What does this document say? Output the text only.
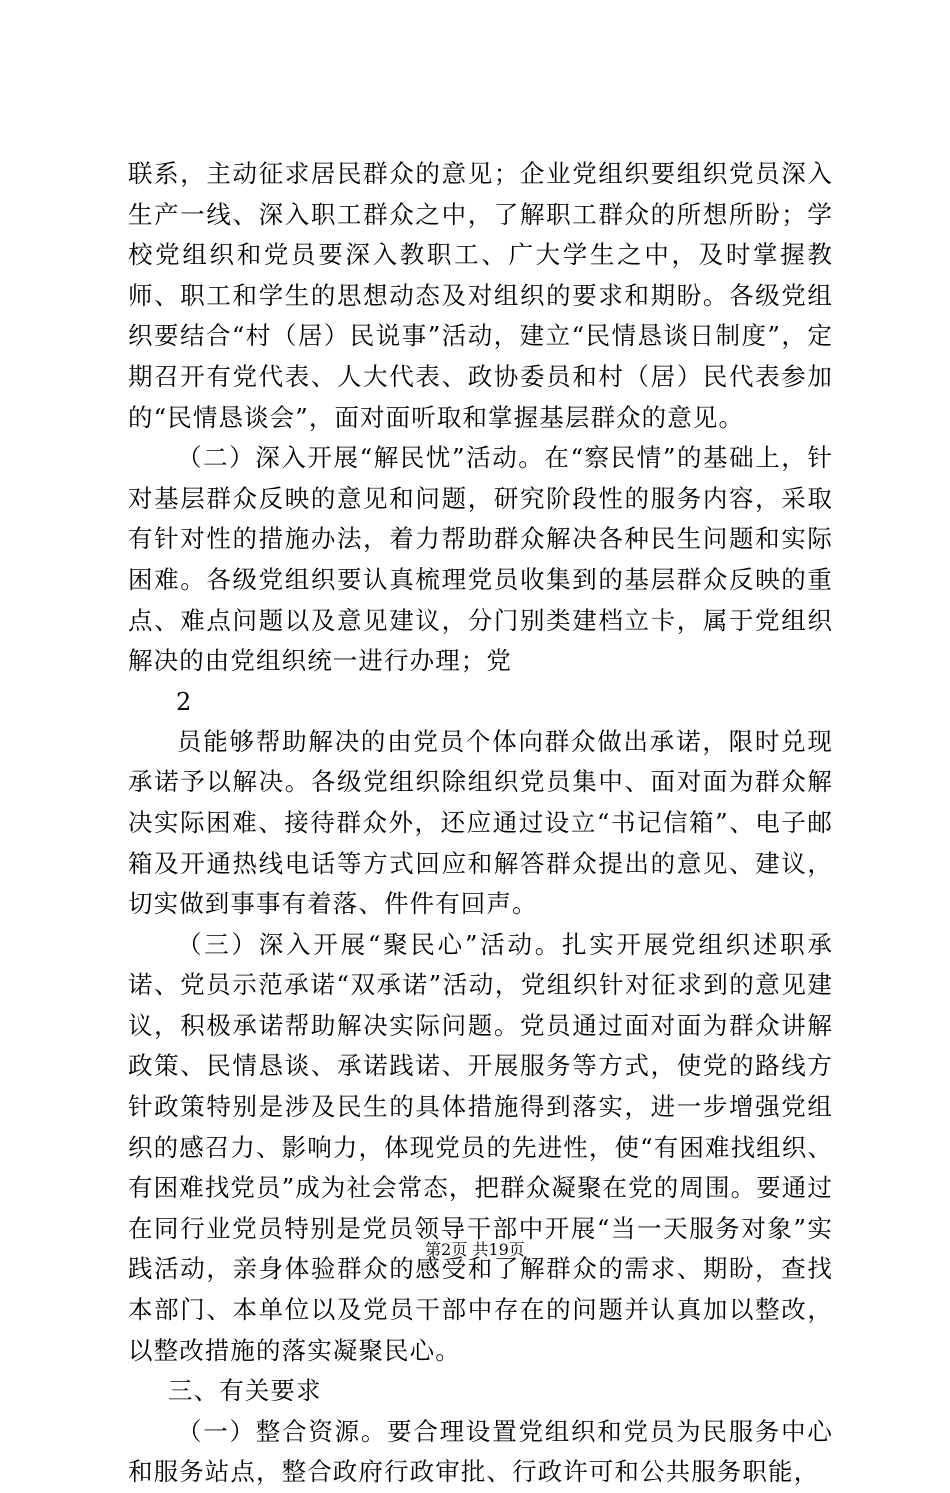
联系，主动征求居民群众的意见；企业党组织要组织党员深入生产一线、深入职工群众之中，了解职工群众的所想所盼；学校党组织和党员要深入教职工、广大学生之中，及时掌握教师、职工和学生的思想动态及对组织的要求和期盼。各级党组织要结合“村（居）民说事”活动，建立“民情恳谈日制度”，定期召开有党代表、人大代表、政协委员和村（居）民代表参加的“民情恳谈会”，面对面听取和掌握基层群众的意见。

（二）深入开展“解民忧”活动。在“察民情”的基础上，针对基层群众反映的意见和问题，研究阶段性的服务内容，采取有针对性的措施办法，着力帮助群众解决各种民生问题和实际困难。各级党组织要认真梳理党员收集到的基层群众反映的重点、难点问题以及意见建议，分门别类建档立卡，属于党组织解决的由党组织统一进行办理；党

2

员能够帮助解决的由党员个体向群众做出承诺，限时兑现承诺予以解决。各级党组织除组织党员集中、面对面为群众解决实际困难、接待群众外，还应通过设立“书记信箱”、电子邮箱及开通热线电话等方式回应和解答群众提出的意见、建议，切实做到事事有着落、件件有回声。

（三）深入开展“聚民心”活动。扎实开展党组织述职承诺、党员示范承诺“双承诺”活动，党组织针对征求到的意见建议，积极承诺帮助解决实际问题。党员通过面对面为群众讲解政策、民情恳谈、承诺践诺、开展服务等方式，使党的路线方针政策特别是涉及民生的具体措施得到落实，进一步增强党组织的感召力、影响力，体现党员的先进性，使“有困难找组织、有困难找党员”成为社会常态，把群众凝聚在党的周围。要通过在同行业党员特别是党员领导干部中开展“当一天服务对象”实践活动，亲身体验群众的感受和了解群众的需求、期盼，查找本部门、本单位以及党员干部中存在的问题并认真加以整改，以整改措施的落实凝聚民心。

三、有关要求

（一）整合资源。要合理设置党组织和党员为民服务中心和服务站点，整合政府行政审批、行政许可和公共服务职能，

第2页 共19页
